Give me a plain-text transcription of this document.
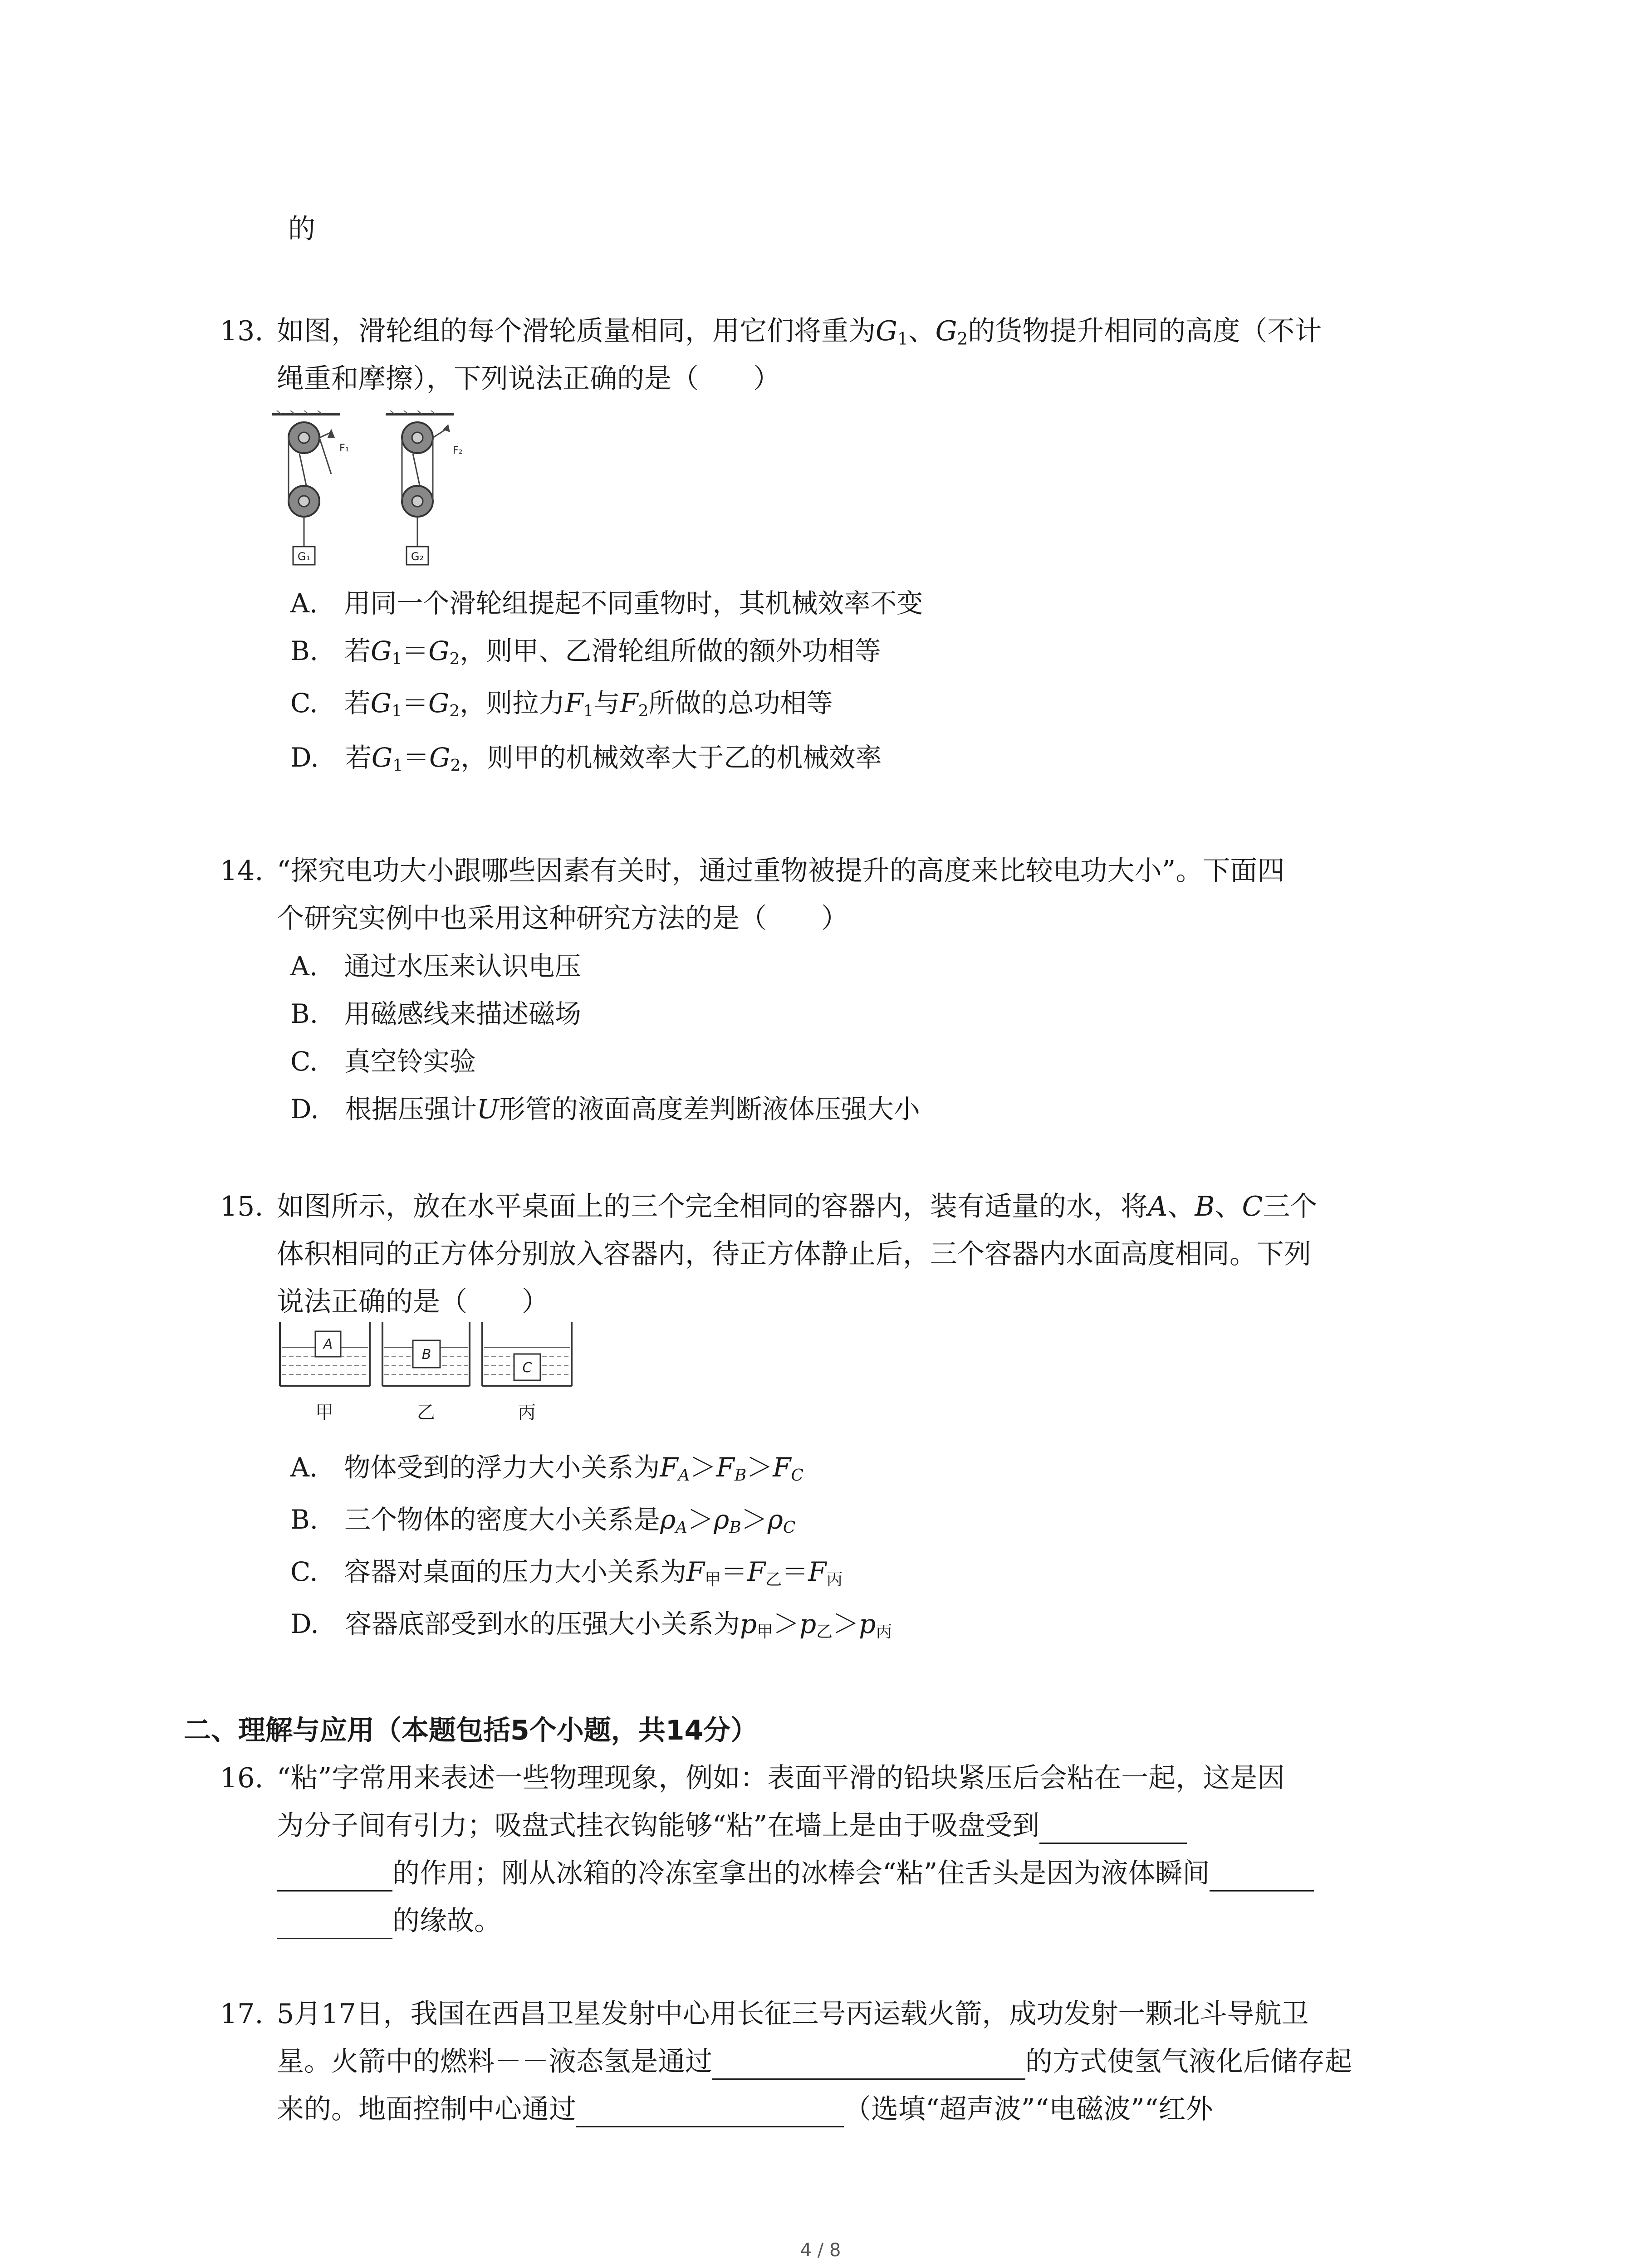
的
13. 如图，滑轮组的每个滑轮质量相同，用它们将重为$G_1$、$G_2$的货物提升相同的高度（不计
绳重和摩擦），下列说法正确的是（　　）
G₁
F₁
G₂
F₂
A.　用同一个滑轮组提起不同重物时，其机械效率不变
B.　若$G_1=G_2$，则甲、乙滑轮组所做的额外功相等
C.　若$G_1=G_2$，则拉力$F_1$与$F_2$所做的总功相等
D.　若$G_1=G_2$，则甲的机械效率大于乙的机械效率
14. “探究电功大小跟哪些因素有关时，通过重物被提升的高度来比较电功大小”。下面四
个研究实例中也采用这种研究方法的是（　　）
A.　通过水压来认识电压
B.　用磁感线来描述磁场
C.　真空铃实验
D.　根据压强计U形管的液面高度差判断液体压强大小
15. 如图所示，放在水平桌面上的三个完全相同的容器内，装有适量的水，将A、B、C三个
体积相同的正方体分别放入容器内，待正方体静止后，三个容器内水面高度相同。下列
说法正确的是（　　）
A
甲
B
乙
C
丙
A.　物体受到的浮力大小关系为$F_A>F_B>F_C$
B.　三个物体的密度大小关系是$\rho_A>\rho_B>\rho_C$
C.　容器对桌面的压力大小关系为$F_甲=F_乙=F_丙$
D.　容器底部受到水的压强大小关系为$p_甲>p_乙>p_丙$
二、理解与应用（本题包括5个小题，共14分）
16. “粘”字常用来表述一些物理现象，例如：表面平滑的铅块紧压后会粘在一起，这是因
为分子间有引力；吸盘式挂衣钩能够“粘”在墙上是由于吸盘受到
的作用；刚从冰箱的冷冻室拿出的冰棒会“粘”住舌头是因为液体瞬间
的缘故。
17. 5月17日，我国在西昌卫星发射中心用长征三号丙运载火箭，成功发射一颗北斗导航卫
星。火箭中的燃料－－液态氢是通过	的方式使氢气液化后储存起
来的。地面控制中心通过	（选填“超声波”“电磁波”“红外
4 / 8
